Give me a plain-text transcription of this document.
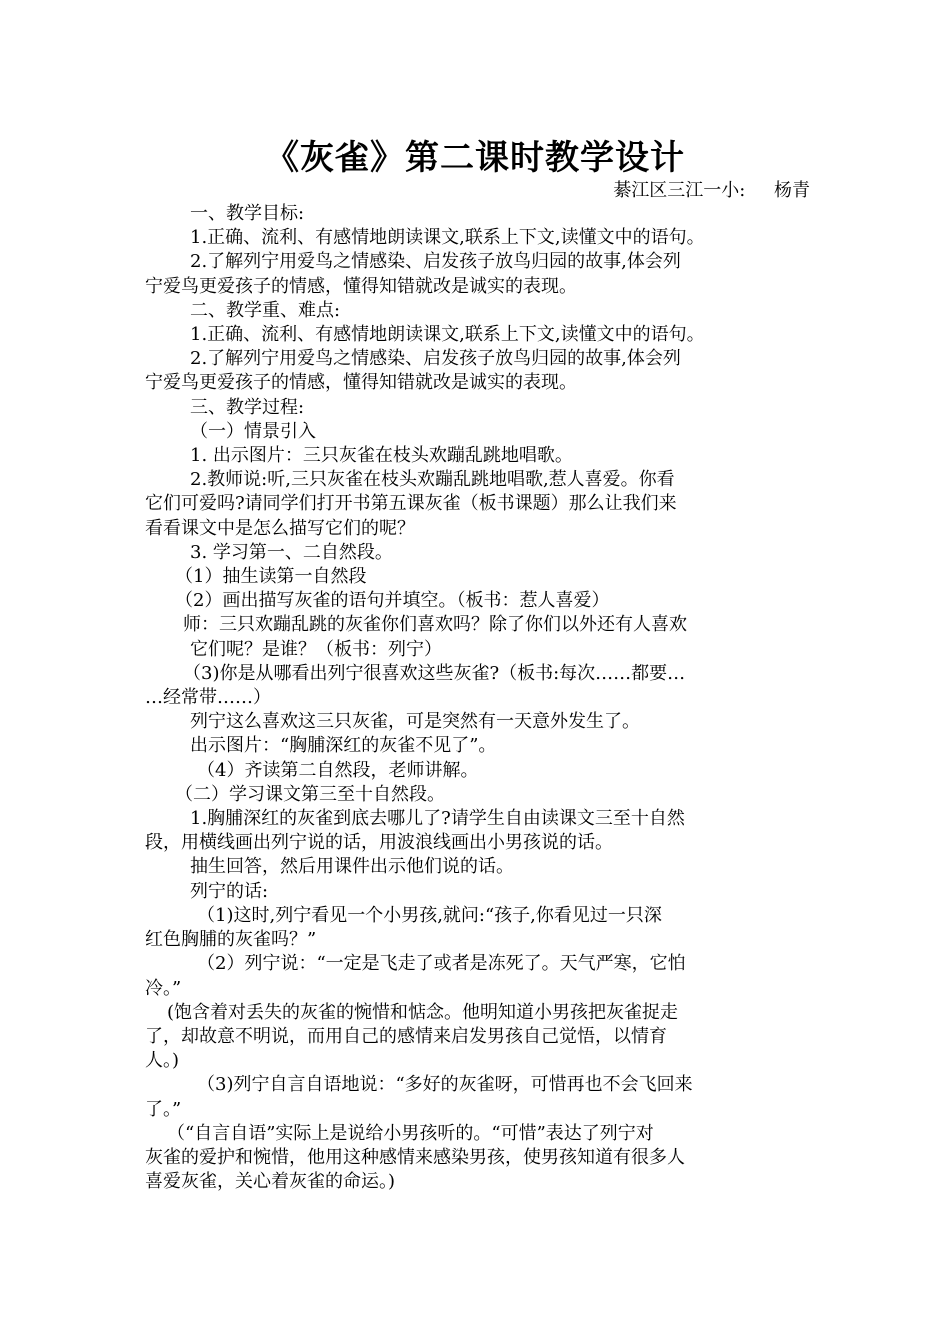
《灰雀》第二课时教学设计
綦江区三江一小:     杨青
一、教学目标:
1.正确、流利、有感情地朗读课文,联系上下文,读懂文中的语句。
2.了解列宁用爱鸟之情感染、启发孩子放鸟归园的故事,体会列
宁爱鸟更爱孩子的情感，懂得知错就改是诚实的表现。
二、教学重、难点:
1.正确、流利、有感情地朗读课文,联系上下文,读懂文中的语句。
2.了解列宁用爱鸟之情感染、启发孩子放鸟归园的故事,体会列
宁爱鸟更爱孩子的情感，懂得知错就改是诚实的表现。
三、教学过程:
（一）情景引入
1. 出示图片：三只灰雀在枝头欢蹦乱跳地唱歌。
2.教师说:听,三只灰雀在枝头欢蹦乱跳地唱歌,惹人喜爱。你看
它们可爱吗?请同学们打开书第五课灰雀（板书课题）那么让我们来
看看课文中是怎么描写它们的呢？
3. 学习第一、二自然段。
（1）抽生读第一自然段
（2）画出描写灰雀的语句并填空。（板书：惹人喜爱）
师：三只欢蹦乱跳的灰雀你们喜欢吗？除了你们以外还有人喜欢
它们呢？是谁？（板书：列宁）
（3)你是从哪看出列宁很喜欢这些灰雀?（板书:每次……都要…
…经常带……）
列宁这么喜欢这三只灰雀，可是突然有一天意外发生了。
出示图片：“胸脯深红的灰雀不见了”。
（4）齐读第二自然段，老师讲解。
（二）学习课文第三至十自然段。
1.胸脯深红的灰雀到底去哪儿了?请学生自由读课文三至十自然
段，用横线画出列宁说的话，用波浪线画出小男孩说的话。
抽生回答，然后用课件出示他们说的话。
列宁的话:
（1)这时,列宁看见一个小男孩,就问:“孩子,你看见过一只深
红色胸脯的灰雀吗？”
（2）列宁说：“一定是飞走了或者是冻死了。天气严寒，它怕
冷。”
(饱含着对丢失的灰雀的惋惜和惦念。他明知道小男孩把灰雀捉走
了，却故意不明说，而用自己的感情来启发男孩自己觉悟，以情育
人。)
（3)列宁自言自语地说：“多好的灰雀呀，可惜再也不会飞回来
了。”
（“自言自语”实际上是说给小男孩听的。“可惜”表达了列宁对
灰雀的爱护和惋惜，他用这种感情来感染男孩，使男孩知道有很多人
喜爱灰雀，关心着灰雀的命运。)
